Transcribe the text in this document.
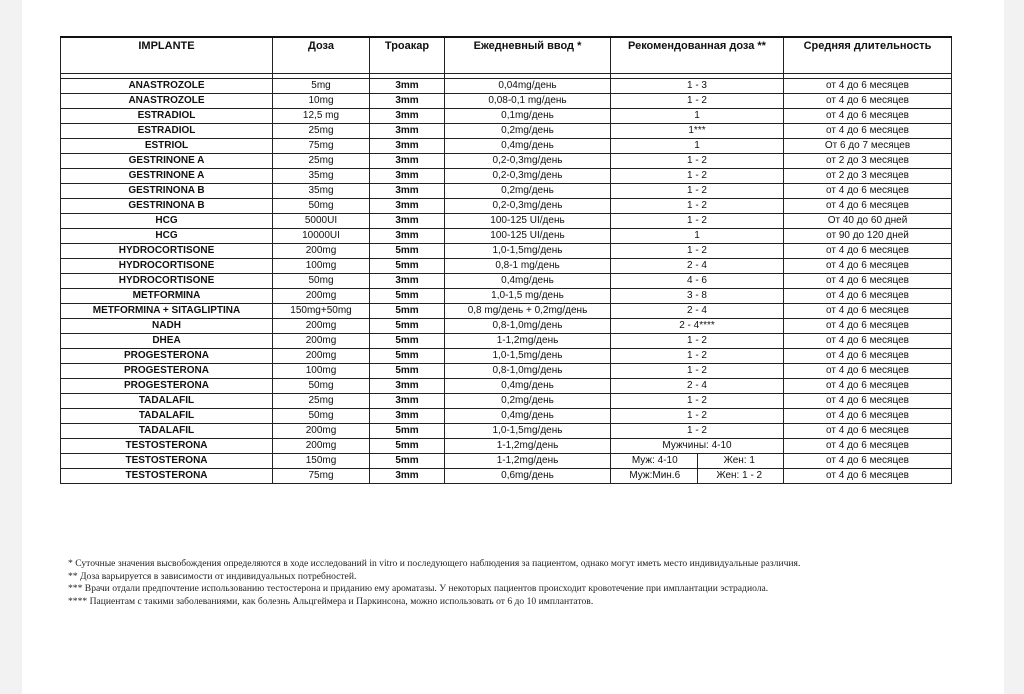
IMPLANTE	Доза	Троакар	Ежедневный ввод *	Рекомендованная доза **	Средняя длительность

ANASTROZOLE	5mg	3mm	0,04mg/день	1 - 3	от 4 до 6 месяцев
ANASTROZOLE	10mg	3mm	0,08-0,1 mg/день	1 - 2	от 4 до 6 месяцев
ESTRADIOL	12,5 mg	3mm	0,1mg/день	1	от 4 до 6 месяцев
ESTRADIOL	25mg	3mm	0,2mg/день	1***	от 4 до 6 месяцев
ESTRIOL	75mg	3mm	0,4mg/день	1	От 6 до 7 месяцев
GESTRINONE A	25mg	3mm	0,2-0,3mg/день	1 - 2	от 2 до 3 месяцев
GESTRINONE A	35mg	3mm	0,2-0,3mg/день	1 - 2	от 2 до 3 месяцев
GESTRINONA B	35mg	3mm	0,2mg/день	1 - 2	от 4 до 6 месяцев
GESTRINONA B	50mg	3mm	0,2-0,3mg/день	1 - 2	от 4 до 6 месяцев
HCG	5000UI	3mm	100-125 UI/день	1 - 2	От 40 до 60 дней
HCG	10000UI	3mm	100-125 UI/день	1	от 90 до 120 дней
HYDROCORTISONE	200mg	5mm	1,0-1,5mg/день	1 - 2	от 4 до 6 месяцев
HYDROCORTISONE	100mg	5mm	0,8-1 mg/день	2 - 4	от 4 до 6 месяцев
HYDROCORTISONE	50mg	3mm	0,4mg/день	4 - 6	от 4 до 6 месяцев
METFORMINA	200mg	5mm	1,0-1,5 mg/день	3 - 8	от 4 до 6 месяцев
METFORMINA + SITAGLIPTINA	150mg+50mg	5mm	0,8 mg/день + 0,2mg/день	2 - 4	от 4 до 6 месяцев
NADH	200mg	5mm	0,8-1,0mg/день	2 - 4****	от 4 до 6 месяцев
DHEA	200mg	5mm	1-1,2mg/день	1 - 2	от 4 до 6 месяцев
PROGESTERONA	200mg	5mm	1,0-1,5mg/день	1 - 2	от 4 до 6 месяцев
PROGESTERONA	100mg	5mm	0,8-1,0mg/день	1 - 2	от 4 до 6 месяцев
PROGESTERONA	50mg	3mm	0,4mg/день	2 - 4	от 4 до 6 месяцев
TADALAFIL	25mg	3mm	0,2mg/день	1 - 2	от 4 до 6 месяцев
TADALAFIL	50mg	3mm	0,4mg/день	1 - 2	от 4 до 6 месяцев
TADALAFIL	200mg	5mm	1,0-1,5mg/день	1 - 2	от 4 до 6 месяцев
TESTOSTERONA	200mg	5mm	1-1,2mg/день	Мужчины: 4-10	от 4 до 6 месяцев
TESTOSTERONA	150mg	5mm	1-1,2mg/день	Муж: 4-10 Жен: 1	от 4 до 6 месяцев
TESTOSTERONA	75mg	3mm	0,6mg/день	Муж:Мин.6 Жен: 1 - 2	от 4 до 6 месяцев
* Суточные значения высвобождения определяются в ходе исследований in vitro и последующего наблюдения за пациентом, однако могут иметь место индивидуальные различия.
** Доза варьируется в зависимости от индивидуальных потребностей.
*** Врачи отдали предпочтение использованию тестостерона и приданию ему ароматазы. У некоторых пациентов происходит кровотечение при имплантации эстрадиола.
**** Пациентам с такими заболеваниями, как болезнь Альцгеймера и Паркинсона, можно использовать от 6 до 10 имплантатов.
